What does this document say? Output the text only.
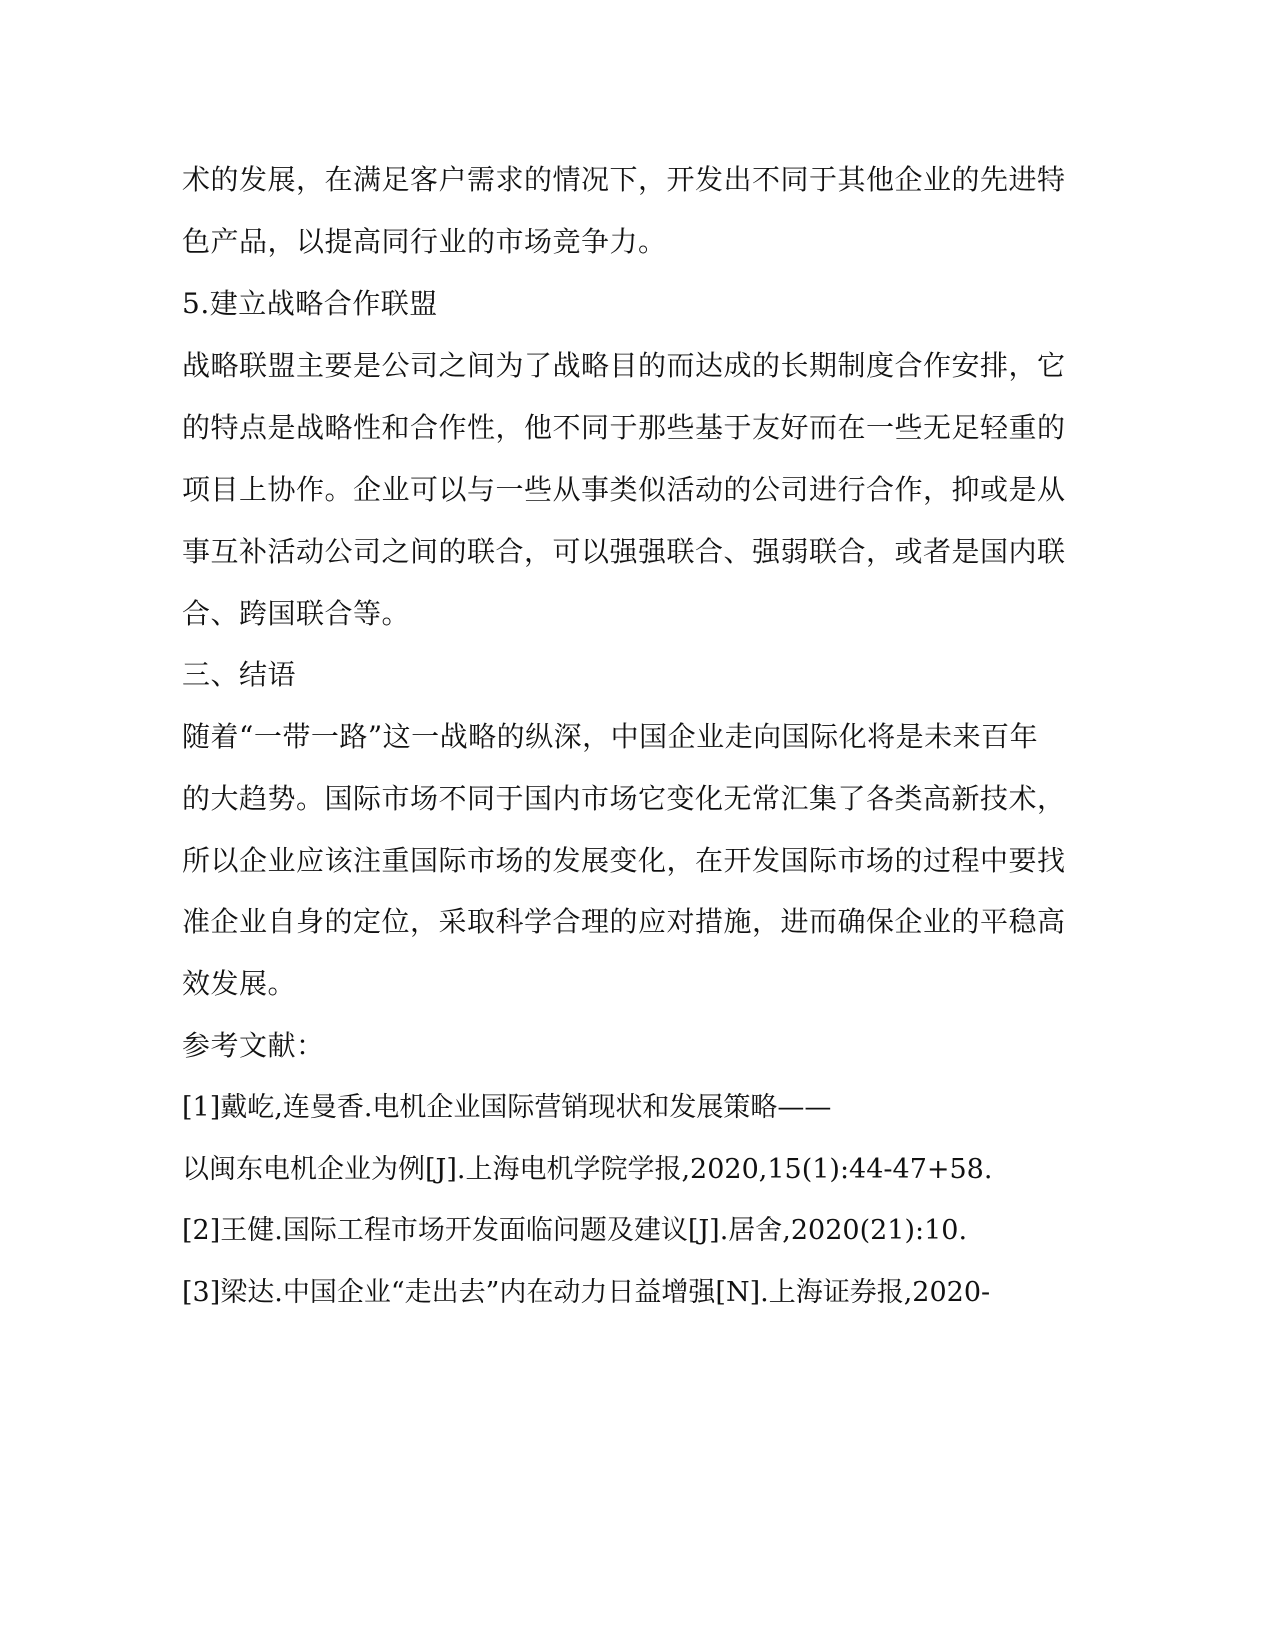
术的发展，在满足客户需求的情况下，开发出不同于其他企业的先进特
色产品，以提高同行业的市场竞争力。
5.建立战略合作联盟
战略联盟主要是公司之间为了战略目的而达成的长期制度合作安排，它
的特点是战略性和合作性，他不同于那些基于友好而在一些无足轻重的
项目上协作。企业可以与一些从事类似活动的公司进行合作，抑或是从
事互补活动公司之间的联合，可以强强联合、强弱联合，或者是国内联
合、跨国联合等。
三、结语
随着“一带一路”这一战略的纵深，中国企业走向国际化将是未来百年
的大趋势。国际市场不同于国内市场它变化无常汇集了各类高新技术，
所以企业应该注重国际市场的发展变化，在开发国际市场的过程中要找
准企业自身的定位，采取科学合理的应对措施，进而确保企业的平稳高
效发展。
参考文献：
[1]戴屹,连曼香.电机企业国际营销现状和发展策略——
以闽东电机企业为例[J].上海电机学院学报,2020,15(1):44-47+58.
[2]王健.国际工程市场开发面临问题及建议[J].居舍,2020(21):10.
[3]梁达.中国企业“走出去”内在动力日益增强[N].上海证券报,2020-
